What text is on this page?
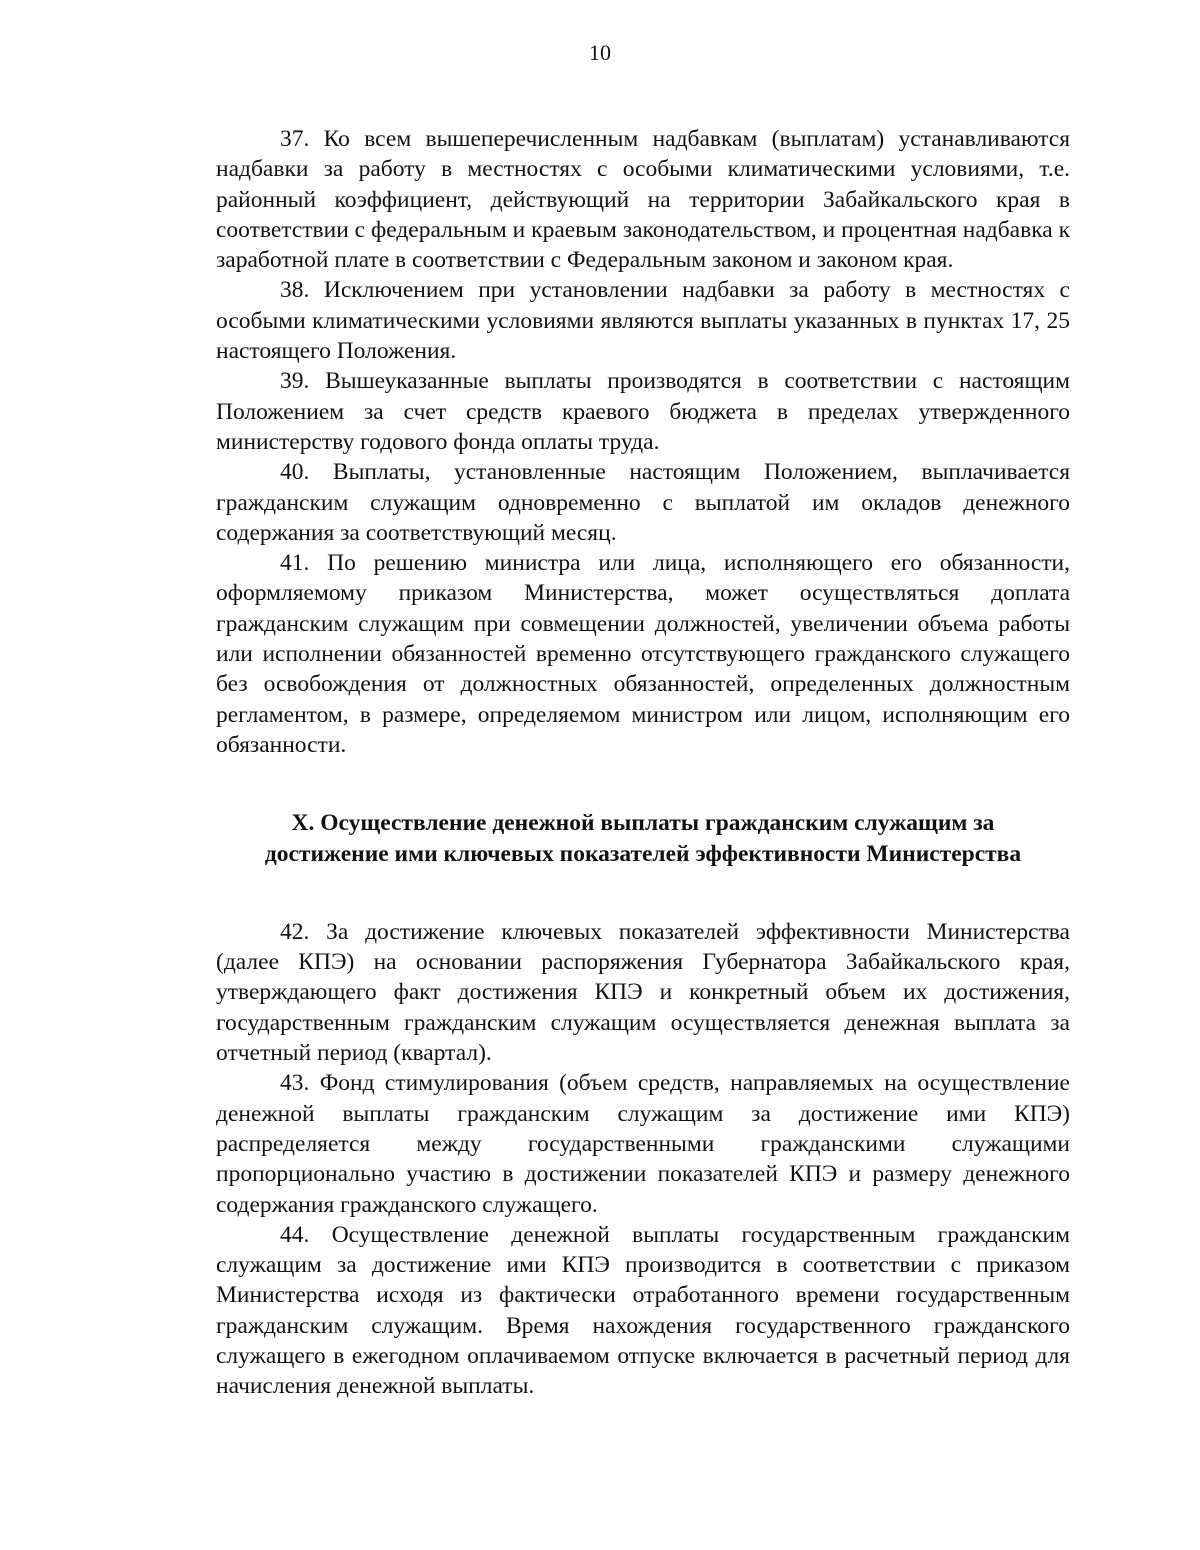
10

37. Ко всем вышеперечисленным надбавкам (выплатам) устанавливаются надбавки за работу в местностях с особыми климатическими условиями, т.е. районный коэффициент, действующий на территории Забайкальского края в соответствии с федеральным и краевым законодательством, и процентная надбавка к заработной плате в соответствии с Федеральным законом и законом края.

38. Исключением при установлении надбавки за работу в местностях с особыми климатическими условиями являются выплаты указанных в пунктах 17, 25 настоящего Положения.

39. Вышеуказанные выплаты производятся в соответствии с настоящим Положением за счет средств краевого бюджета в пределах утвержденного министерству годового фонда оплаты труда.

40. Выплаты, установленные настоящим Положением, выплачивается гражданским служащим одновременно с выплатой им окладов денежного содержания за соответствующий месяц.

41. По решению министра или лица, исполняющего его обязанности, оформляемому приказом Министерства, может осуществляться доплата гражданским служащим при совмещении должностей, увеличении объема работы или исполнении обязанностей временно отсутствующего гражданского служащего без освобождения от должностных обязанностей, определенных должностным регламентом, в размере, определяемом министром или лицом, исполняющим его обязанности.

X. Осуществление денежной выплаты гражданским служащим за
достижение ими ключевых показателей эффективности Министерства

42. За достижение ключевых показателей эффективности Министерства (далее КПЭ) на основании распоряжения Губернатора Забайкальского края, утверждающего факт достижения КПЭ и конкретный объем их достижения, государственным гражданским служащим осуществляется денежная выплата за отчетный период (квартал).

43. Фонд стимулирования (объем средств, направляемых на осуществление денежной выплаты гражданским служащим за достижение ими КПЭ) распределяется между государственными гражданскими служащими пропорционально участию в достижении показателей КПЭ и размеру денежного содержания гражданского служащего.

44. Осуществление денежной выплаты государственным гражданским служащим за достижение ими КПЭ производится в соответствии с приказом Министерства исходя из фактически отработанного времени государственным гражданским служащим. Время нахождения государственного гражданского служащего в ежегодном оплачиваемом отпуске включается в расчетный период для начисления денежной выплаты.
